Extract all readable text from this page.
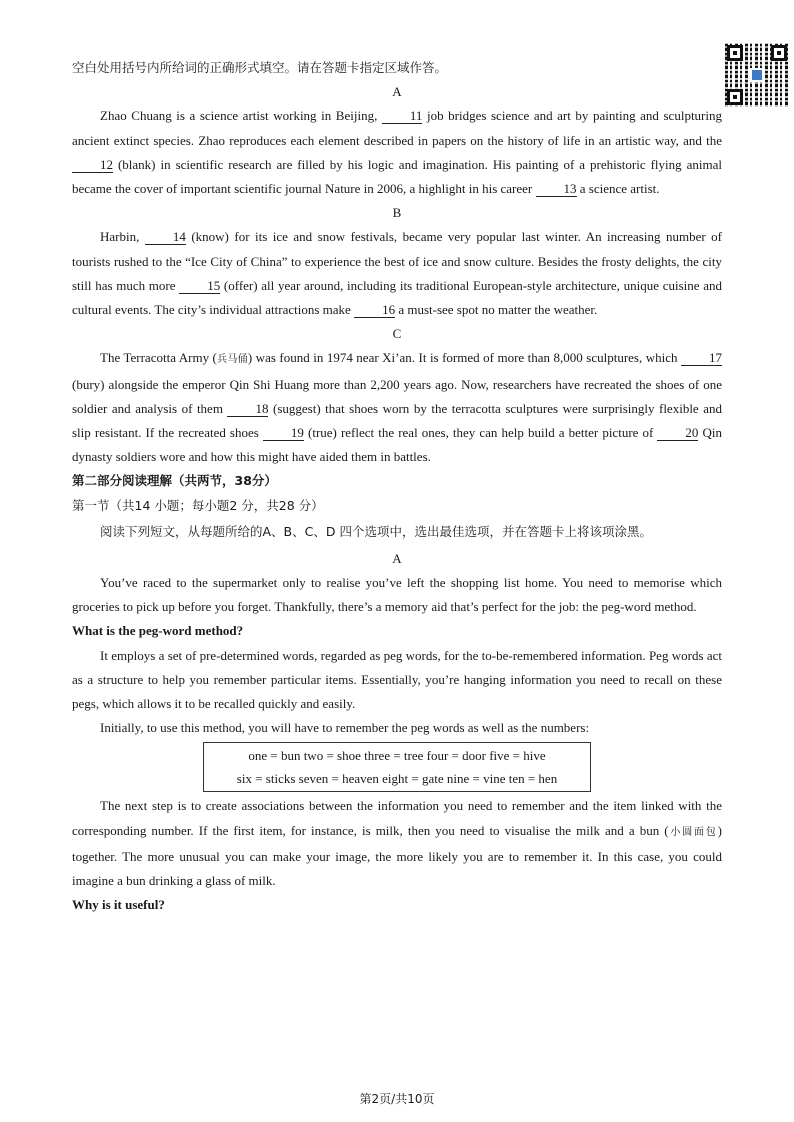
空白处用括号内所给词的正确形式填空。请在答题卡指定区域作答。

A

Zhao Chuang is a science artist working in Beijing, 11 job bridges science and art by painting and sculpturing ancient extinct species. Zhao reproduces each element described in papers on the history of life in an artistic way, and the 12 (blank) in scientific research are filled by his logic and imagination. His painting of a prehistoric flying animal became the cover of important scientific journal Nature in 2006, a highlight in his career 13 a science artist.

B

Harbin, 14 (know) for its ice and snow festivals, became very popular last winter. An increasing number of tourists rushed to the “Ice City of China” to experience the best of ice and snow culture. Besides the frosty delights, the city still has much more 15 (offer) all year around, including its traditional European-style architecture, unique cuisine and cultural events. The city’s individual attractions make 16 a must-see spot no matter the weather.

C

The Terracotta Army (兵马俑) was found in 1974 near Xi’an. It is formed of more than 8,000 sculptures, which 17 (bury) alongside the emperor Qin Shi Huang more than 2,200 years ago. Now, researchers have recreated the shoes of one soldier and analysis of them 18 (suggest) that shoes worn by the terracotta sculptures were surprisingly flexible and slip resistant. If the recreated shoes 19 (true) reflect the real ones, they can help build a better picture of 20 Qin dynasty soldiers wore and how this might have aided them in battles.

第二部分阅读理解（共两节，38分）

第一节（共14 小题；每小题2 分，共28 分）

阅读下列短文，从每题所给的A、B、C、D 四个选项中，选出最佳选项，并在答题卡上将该项涂黑。

A

You’ve raced to the supermarket only to realise you’ve left the shopping list home. You need to memorise which groceries to pick up before you forget. Thankfully, there’s a memory aid that’s perfect for the job: the peg-word method.

What is the peg-word method?

It employs a set of pre-determined words, regarded as peg words, for the to-be-remembered information. Peg words act as a structure to help you remember particular items. Essentially, you’re hanging information you need to recall on these pegs, which allows it to be recalled quickly and easily.

Initially, to use this method, you will have to remember the peg words as well as the numbers:

one = bun two = shoe three = tree four = door five = hive
six = sticks seven = heaven eight = gate nine = vine ten = hen

The next step is to create associations between the information you need to remember and the item linked with the corresponding number. If the first item, for instance, is milk, then you need to visualise the milk and a bun (小圆面包) together. The more unusual you can make your image, the more likely you are to remember it. In this case, you could imagine a bun drinking a glass of milk.

Why is it useful?

第2页/共10页
